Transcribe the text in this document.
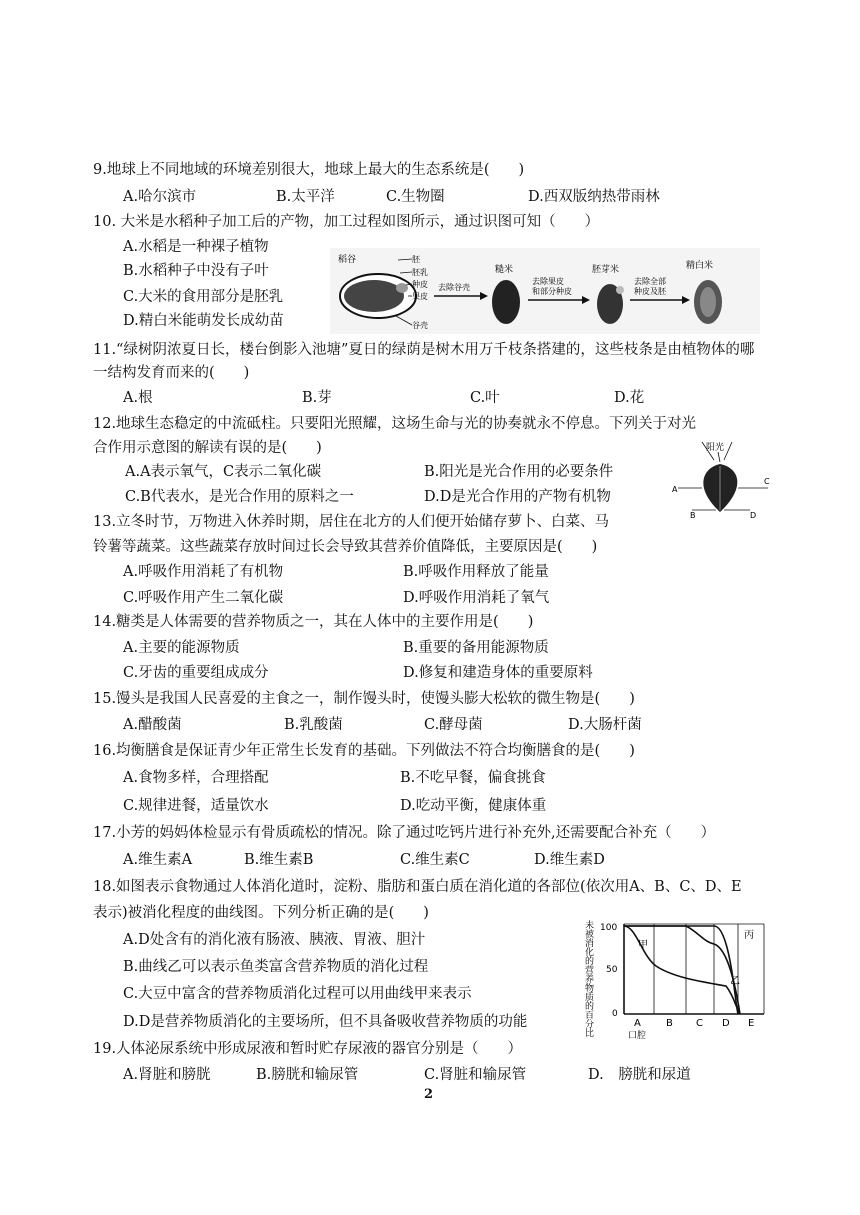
9.地球上不同地域的环境差别很大，地球上最大的生态系统是(　　)
A.哈尔滨市	B.太平洋	C.生物圈	D.西双版纳热带雨林
10. 大米是水稻种子加工后的产物，加工过程如图所示，通过识图可知（　　）
A.水稻是一种裸子植物
B.水稻种子中没有子叶
C.大米的食用部分是胚乳
D.精白米能萌发长成幼苗
稻谷	胚
胚乳
种皮
果皮
谷壳
去除谷壳
糙米
去除果皮
和部分种皮
胚芽米
去除全部
种皮及胚
精白米
11.“绿树阴浓夏日长，楼台倒影入池塘”夏日的绿荫是树木用万千枝条搭建的，这些枝条是由植物体的哪
一结构发育而来的(　　)
A.根	B.芽	C.叶	D.花
12.地球生态稳定的中流砥柱。只要阳光照耀，这场生命与光的协奏就永不停息。下列关于对光
合作用示意图的解读有误的是(　　)
A.A表示氧气，C表示二氧化碳	B.阳光是光合作用的必要条件
C.B代表水，是光合作用的原料之一	D.D是光合作用的产物有机物
阳光
A
B
C
D
13.立冬时节，万物进入休养时期，居住在北方的人们便开始储存萝卜、白菜、马
铃薯等蔬菜。这些蔬菜存放时间过长会导致其营养价值降低，主要原因是(　　)
A.呼吸作用消耗了有机物	B.呼吸作用释放了能量
C.呼吸作用产生二氧化碳	D.呼吸作用消耗了氧气
14.糖类是人体需要的营养物质之一，其在人体中的主要作用是(　　)
A.主要的能源物质	B.重要的备用能源物质
C.牙齿的重要组成成分	D.修复和建造身体的重要原料
15.馒头是我国人民喜爱的主食之一，制作馒头时，使馒头膨大松软的微生物是(　　)
A.醋酸菌	B.乳酸菌	C.酵母菌	D.大肠杆菌
16.均衡膳食是保证青少年正常生长发育的基础。下列做法不符合均衡膳食的是(　　)
A.食物多样，合理搭配	B.不吃早餐，偏食挑食
C.规律进餐，适量饮水	D.吃动平衡，健康体重
17.小芳的妈妈体检显示有骨质疏松的情况。除了通过吃钙片进行补充外,还需要配合补充（　　）
A.维生素A	B.维生素B	C.维生素C	D.维生素D
18.如图表示食物通过人体消化道时，淀粉、脂肪和蛋白质在消化道的各部位(依次用A、B、C、D、E
表示)被消化程度的曲线图。下列分析正确的是(　　)
A.D处含有的消化液有肠液、胰液、胃液、胆汁
B.曲线乙可以表示鱼类富含营养物质的消化过程
C.大豆中富含的营养物质消化过程可以用曲线甲来表示
D.D是营养物质消化的主要场所，但不具备吸收营养物质的功能	未被消化的营养物质的百分比 100
50
0
甲
乙
丙
A	B C D E
口腔
19.人体泌尿系统中形成尿液和暂时贮存尿液的器官分别是（　　）
A.肾脏和膀胱	B.膀胱和输尿管	C.肾脏和输尿管	D.　膀胱和尿道
2
